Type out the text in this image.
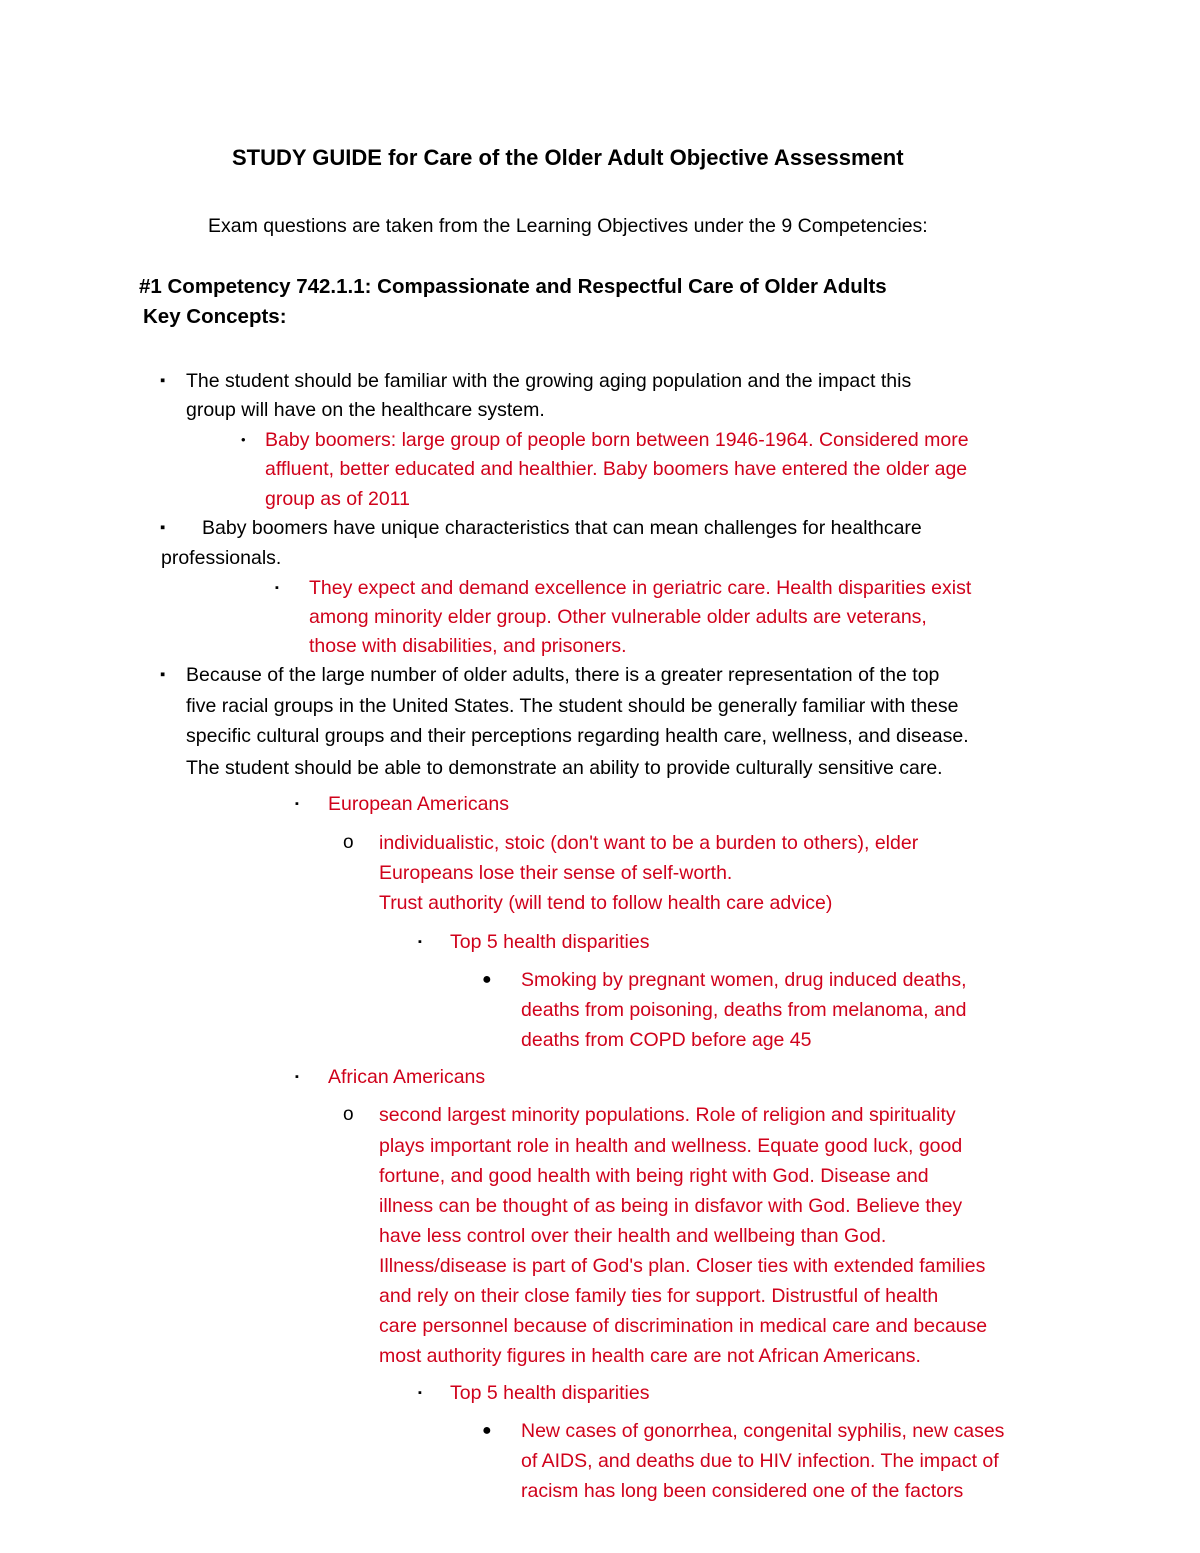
STUDY GUIDE for Care of the Older Adult Objective Assessment
Exam questions are taken from the Learning Objectives under the 9 Competencies:
#1 Competency 742.1.1: Compassionate and Respectful Care of Older Adults
Key Concepts:
▪ The student should be familiar with the growing aging population and the impact this
group will have on the healthcare system.
• Baby boomers: large group of people born between 1946-1964. Considered more
affluent, better educated and healthier. Baby boomers have entered the older age
group as of 2011
▪ Baby boomers have unique characteristics that can mean challenges for healthcare
professionals.
▪ They expect and demand excellence in geriatric care. Health disparities exist
among minority elder group. Other vulnerable older adults are veterans,
those with disabilities, and prisoners.
▪ Because of the large number of older adults, there is a greater representation of the top
five racial groups in the United States. The student should be generally familiar with these
specific cultural groups and their perceptions regarding health care, wellness, and disease.
The student should be able to demonstrate an ability to provide culturally sensitive care.
▪ European Americans
o individualistic, stoic (don't want to be a burden to others), elder
Europeans lose their sense of self-worth.
Trust authority (will tend to follow health care advice)
▪ Top 5 health disparities
● Smoking by pregnant women, drug induced deaths,
deaths from poisoning, deaths from melanoma, and
deaths from COPD before age 45
▪ African Americans
o second largest minority populations. Role of religion and spirituality
plays important role in health and wellness. Equate good luck, good
fortune, and good health with being right with God. Disease and
illness can be thought of as being in disfavor with God. Believe they
have less control over their health and wellbeing than God.
Illness/disease is part of God's plan. Closer ties with extended families
and rely on their close family ties for support. Distrustful of health
care personnel because of discrimination in medical care and because
most authority figures in health care are not African Americans.
▪ Top 5 health disparities
● New cases of gonorrhea, congenital syphilis, new cases
of AIDS, and deaths due to HIV infection. The impact of
racism has long been considered one of the factors
